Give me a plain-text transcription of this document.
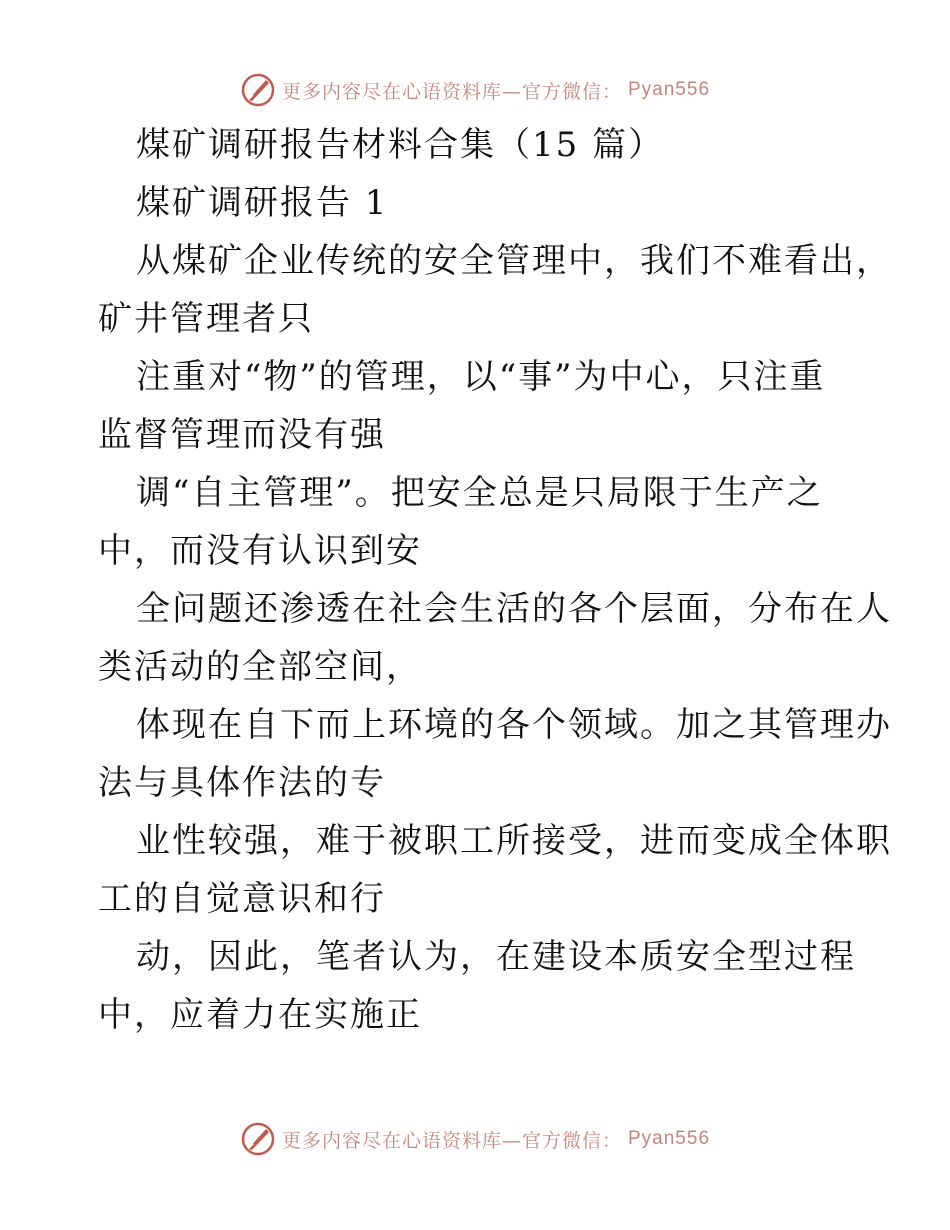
更多内容尽在心语资料库—官方微信： Pyan556
煤矿调研报告材料合集（15 篇）
煤矿调研报告 1
从煤矿企业传统的安全管理中，我们不难看出，
矿井管理者只
注重对“物”的管理，以“事”为中心，只注重
监督管理而没有强
调“自主管理”。把安全总是只局限于生产之
中，而没有认识到安
全问题还渗透在社会生活的各个层面，分布在人
类活动的全部空间，
体现在自下而上环境的各个领域。加之其管理办
法与具体作法的专
业性较强，难于被职工所接受，进而变成全体职
工的自觉意识和行
动，因此，笔者认为，在建设本质安全型过程
中，应着力在实施正
更多内容尽在心语资料库—官方微信： Pyan556
